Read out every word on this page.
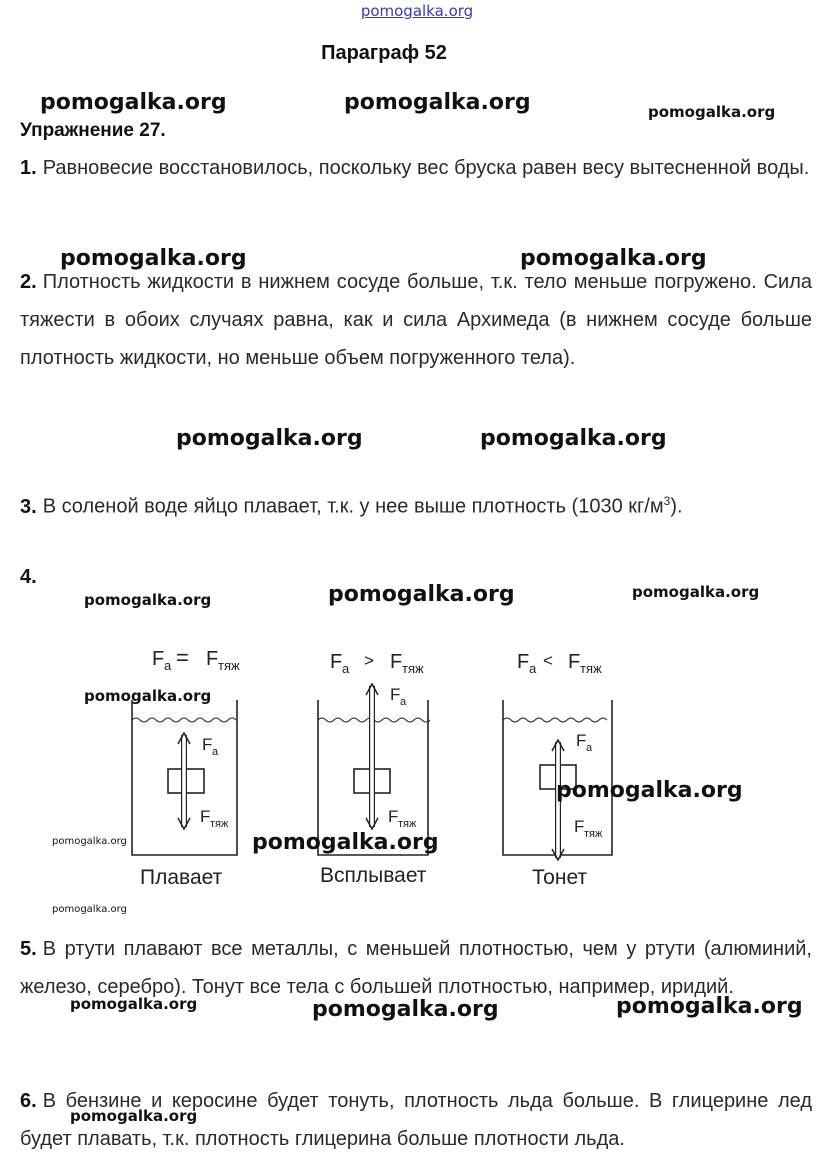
pomogalka.org
Параграф 52
pomogalka.org	pomogalka.org	pomogalka.org
Упражнение 27.
1. Равновесие восстановилось, поскольку вес бруска равен весу вытесненной воды.
pomogalka.org	pomogalka.org
2. Плотность жидкости в нижнем сосуде больше, т.к. тело меньше погружено. Сила тяжести в обоих случаях равна, как и сила Архимеда (в нижнем сосуде больше плотность жидкости, но меньше объем погруженного тела).
pomogalka.org	pomogalka.org
3. В соленой воде яйцо плавает, т.к. у нее выше плотность (1030 $кг/м^3$).
4.
pomogalka.org	pomogalka.org	pomogalka.org
F a = F тяж	F a > F тяж	F a < F тяж
F a
F тяж
F a
F тяж
F a
F тяж
pomogalka.org
pomogalka.org
pomogalka.org	pomogalka.org
Плавает	Всплывает	Тонет
pomogalka.org
5. В ртути плавают все металлы, с меньшей плотностью, чем у ртути (алюминий, железо, серебро). Тонут все тела с большей плотностью, например, иридий.
pomogalka.org	pomogalka.org	pomogalka.org
6. В бензине и керосине будет тонуть, плотность льда больше. В глицерине лед будет плавать, т.к. плотность глицерина больше плотности льда.
pomogalka.org
